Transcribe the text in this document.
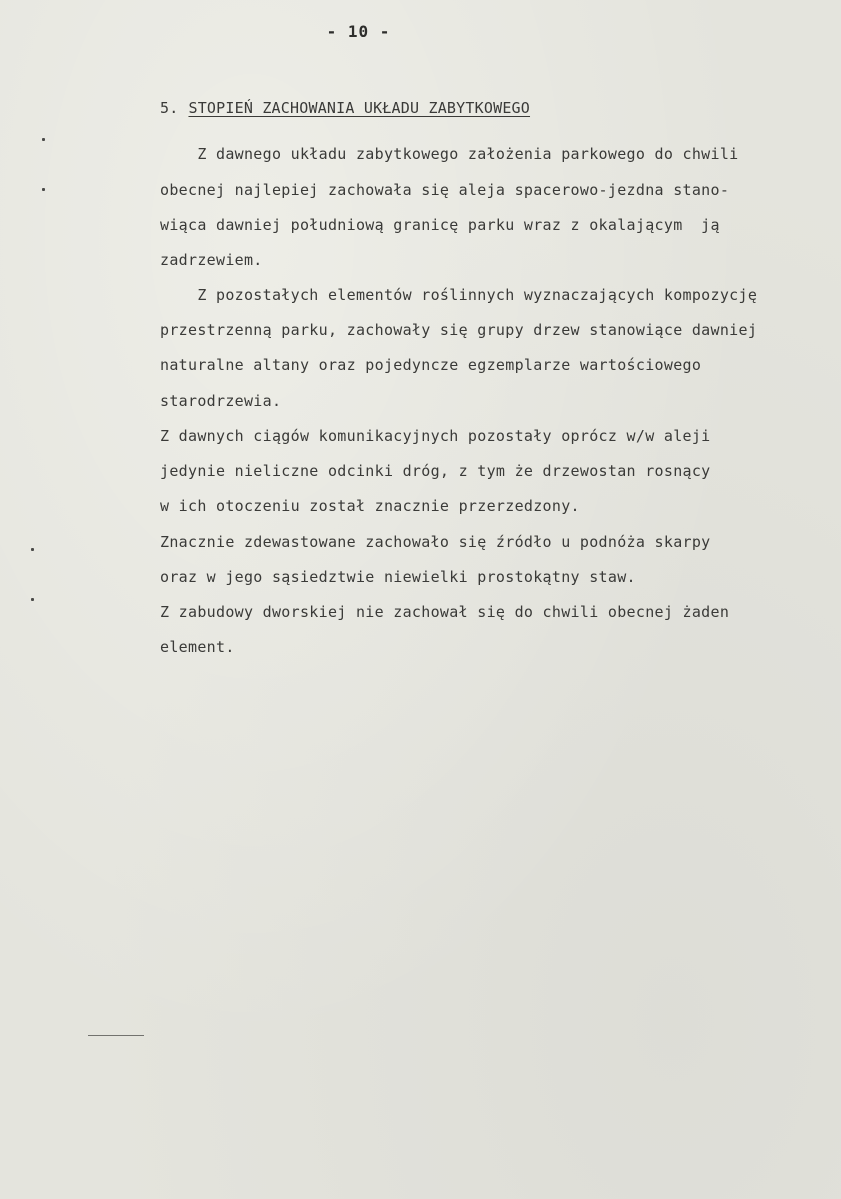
- 10 -
5. STOPIEŃ ZACHOWANIA UKŁADU ZABYTKOWEGO
Z dawnego układu zabytkowego założenia parkowego do chwili
obecnej najlepiej zachowała się aleja spacerowo-jezdna stano-
wiąca dawniej południową granicę parku wraz z okalającym  ją
zadrzewiem.
Z pozostałych elementów roślinnych wyznaczających kompozycję
przestrzenną parku, zachowały się grupy drzew stanowiące dawniej
naturalne altany oraz pojedyncze egzemplarze wartościowego
starodrzewia.
Z dawnych ciągów komunikacyjnych pozostały oprócz w/w aleji
jedynie nieliczne odcinki dróg, z tym że drzewostan rosnący
w ich otoczeniu został znacznie przerzedzony.
Znacznie zdewastowane zachowało się źródło u podnóża skarpy
oraz w jego sąsiedztwie niewielki prostokątny staw.
Z zabudowy dworskiej nie zachował się do chwili obecnej żaden
element.
